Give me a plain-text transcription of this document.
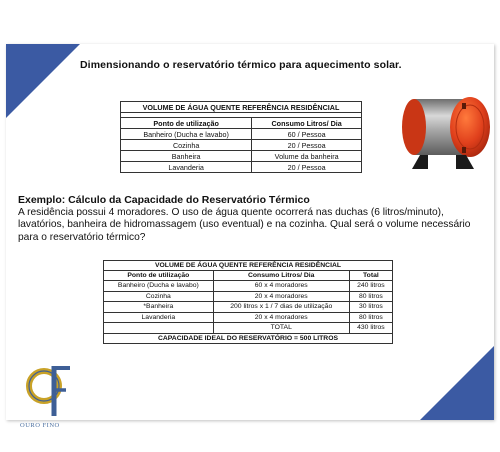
Dimensionando o reservatório térmico para aquecimento solar.
VOLUME DE ÁGUA QUENTE REFERÊNCIA RESIDÊNCIAL	

Ponto de utilização	Consumo Litros/ Dia
Banheiro (Ducha e lavabo)	60 / Pessoa
Cozinha	20 / Pessoa
Banheira	Volume da banheira
Lavanderia	20 / Pessoa
Exemplo: Cálculo da Capacidade do Reservatório Térmico
A residência possui 4 moradores. O uso de água quente ocorrerá nas duchas (6 litros/minuto), lavatórios, banheira de hidromassagem (uso eventual) e na cozinha. Qual será o volume necessário para o reservatório térmico?
VOLUME DE ÁGUA QUENTE REFERÊNCIA RESIDÊNCIAL		
Ponto de utilização	Consumo Litros/ Dia	Total
Banheiro (Ducha e lavabo)	60 x 4 moradores	240 litros
Cozinha	20 x 4 moradores	80 litros
*Banheira	200 litros x 1 / 7 dias de utilização	30 litros
Lavanderia	20 x 4 moradores	80 litros
	TOTAL	430 litros
CAPACIDADE IDEAL DO RESERVATÓRIO = 500 LITROS		
OURO FINO
